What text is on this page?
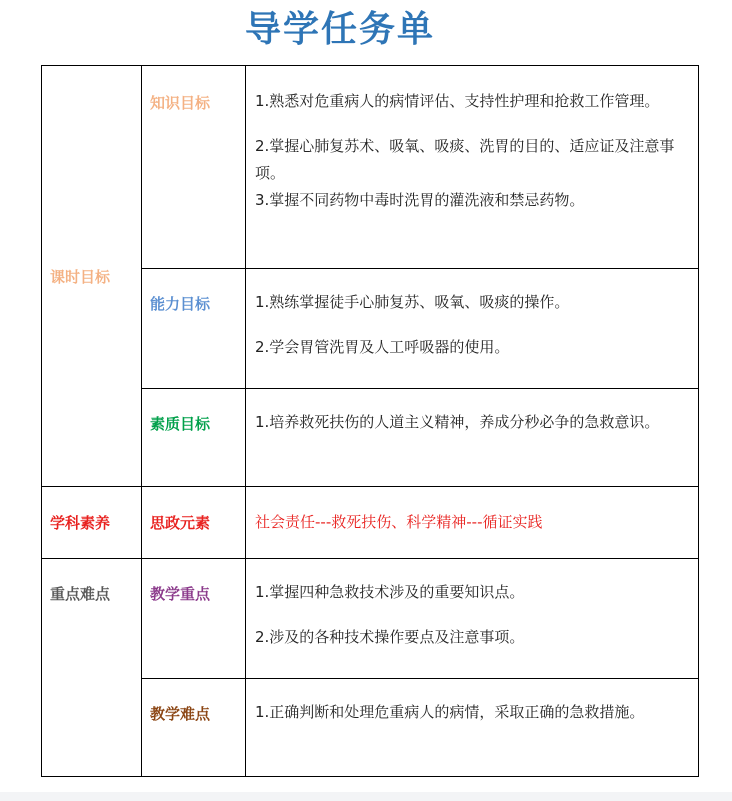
导学任务单
课时目标	知识目标	1.熟悉对危重病人的病情评估、支持性护理和抢救工作管理。

2.掌握心肺复苏术、吸氧、吸痰、洗胃的目的、适应证及注意事项。

3.掌握不同药物中毒时洗胃的灌洗液和禁忌药物。

	能力目标	1.熟练掌握徒手心肺复苏、吸氧、吸痰的操作。

2.学会胃管洗胃及人工呼吸器的使用。

	素质目标	1.培养救死扶伤的人道主义精神，养成分秒必争的急救意识。

学科素养	思政元素	社会责任---救死扶伤、科学精神---循证实践
重点难点	教学重点	1.掌握四种急救技术涉及的重要知识点。

2.涉及的各种技术操作要点及注意事项。

	教学难点	1.正确判断和处理危重病人的病情，采取正确的急救措施。
